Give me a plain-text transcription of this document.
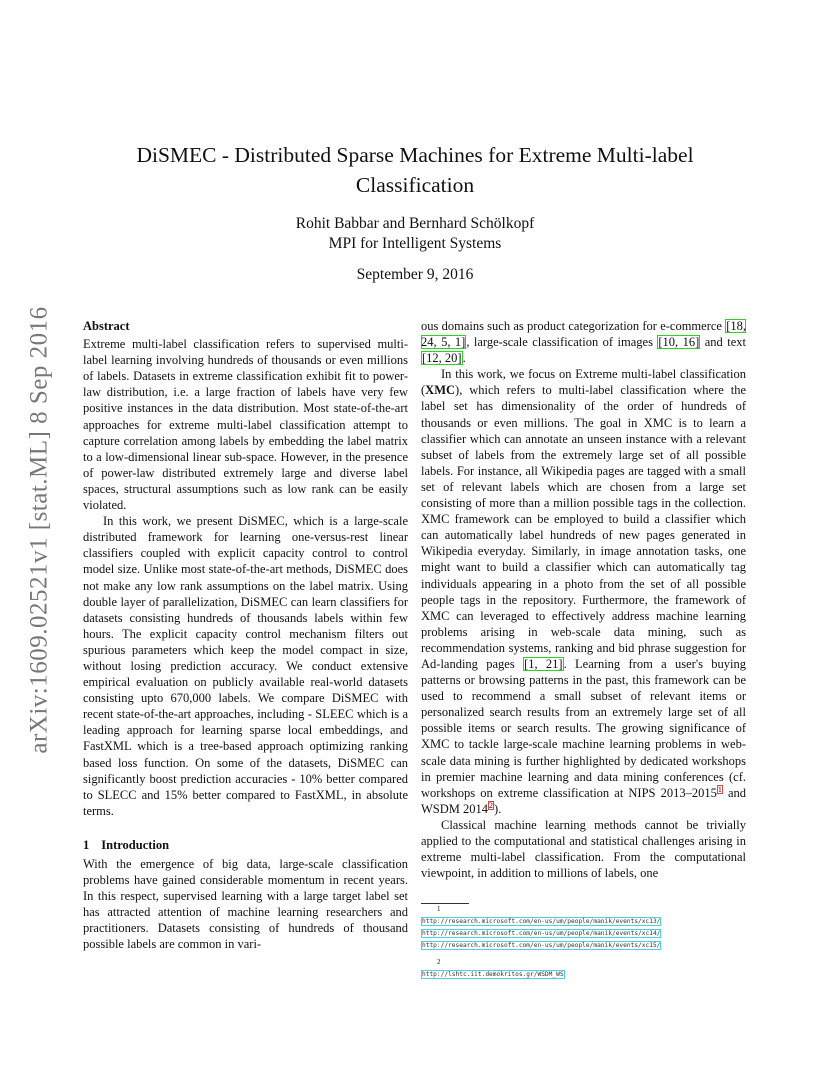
arXiv:1609.02521v1 [stat.ML] 8 Sep 2016
DiSMEC - Distributed Sparse Machines for Extreme Multi-label Classification
Rohit Babbar and Bernhard Schölkopf
MPI for Intelligent Systems
September 9, 2016
Abstract

Extreme multi-label classification refers to supervised multi-label learning involving hundreds of thousands or even millions of labels. Datasets in extreme classification exhibit fit to power-law distribution, i.e. a large fraction of labels have very few positive instances in the data distribution. Most state-of-the-art approaches for extreme multi-label classification attempt to capture correlation among labels by embedding the label matrix to a low-dimensional linear sub-space. However, in the presence of power-law distributed extremely large and diverse label spaces, structural assumptions such as low rank can be easily violated.

In this work, we present DiSMEC, which is a large-scale distributed framework for learning one-versus-rest linear classifiers coupled with explicit capacity control to control model size. Unlike most state-of-the-art methods, DiSMEC does not make any low rank assumptions on the label matrix. Using double layer of parallelization, DiSMEC can learn classifiers for datasets consisting hundreds of thousands labels within few hours. The explicit capacity control mechanism filters out spurious parameters which keep the model compact in size, without losing prediction accuracy. We conduct extensive empirical evaluation on publicly available real-world datasets consisting upto 670,000 labels. We compare DiSMEC with recent state-of-the-art approaches, including - SLEEC which is a leading approach for learning sparse local embeddings, and FastXML which is a tree-based approach optimizing ranking based loss function. On some of the datasets, DiSMEC can significantly boost prediction accuracies - 10% better compared to SLECC and 15% better compared to FastXML, in absolute terms.

1 Introduction

With the emergence of big data, large-scale classification problems have gained considerable momentum in recent years. In this respect, supervised learning with a large target label set has attracted attention of machine learning researchers and practitioners. Datasets consisting of hundreds of thousand possible labels are common in vari-

ous domains such as product categorization for e-commerce [18, 24, 5, 1], large-scale classification of images [10, 16] and text [12, 20].

In this work, we focus on Extreme multi-label classification (XMC), which refers to multi-label classification where the label set has dimensionality of the order of hundreds of thousands or even millions. The goal in XMC is to learn a classifier which can annotate an unseen instance with a relevant subset of labels from the extremely large set of all possible labels. For instance, all Wikipedia pages are tagged with a small set of relevant labels which are chosen from a large set consisting of more than a million possible tags in the collection. XMC framework can be employed to build a classifier which can automatically label hundreds of new pages generated in Wikipedia everyday. Similarly, in image annotation tasks, one might want to build a classifier which can automatically tag individuals appearing in a photo from the set of all possible people tags in the repository. Furthermore, the framework of XMC can leveraged to effectively address machine learning problems arising in web-scale data mining, such as recommendation systems, ranking and bid phrase suggestion for Ad-landing pages [1, 21]. Learning from a user's buying patterns or browsing patterns in the past, this framework can be used to recommend a small subset of relevant items or personalized search results from an extremely large set of all possible items or search results. The growing significance of XMC to tackle large-scale machine learning problems in web-scale data mining is further highlighted by dedicated workshops in premier machine learning and data mining conferences (cf. workshops on extreme classification at NIPS 2013–2015$^1$ and WSDM 2014$^2$).

Classical machine learning methods cannot be trivially applied to the computational and statistical challenges arising in extreme multi-label classification. From the computational viewpoint, in addition to millions of labels, one

1
http://research.microsoft.com/en-us/um/people/manik/events/xc13/
http://research.microsoft.com/en-us/um/people/manik/events/xc14/
http://research.microsoft.com/en-us/um/people/manik/events/xc15/
2
http://lshtc.iit.demokritos.gr/WSDM_WS
